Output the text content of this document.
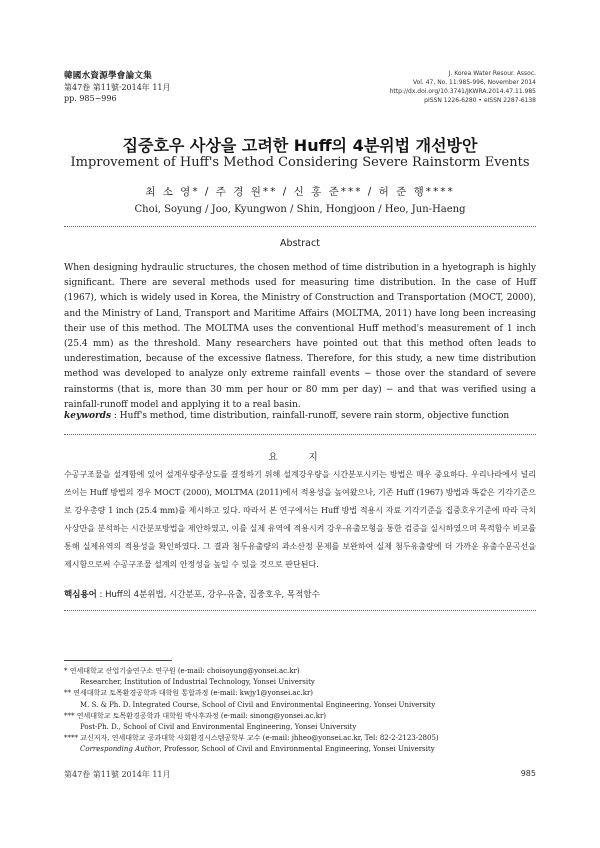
韓國水資源學會論文集
第47卷 第11號·2014年 11月
pp. 985~996
J. Korea Water Resour. Assoc.
Vol. 47, No. 11:985-996, November 2014
http://dx.doi.org/10.3741/JKWRA.2014.47.11.985
pISSN 1226-6280 • eISSN 2287-6138
집중호우 사상을 고려한 Huff의 4분위법 개선방안
Improvement of Huff's Method Considering Severe Rainstorm Events
최 소 영* / 주 경 원** / 신 홍 준*** / 허 준 행****
Choi, Soyung / Joo, Kyungwon / Shin, Hongjoon / Heo, Jun-Haeng
Abstract

When designing hydraulic structures, the chosen method of time distribution in a hyetograph is highly significant. There are several methods used for measuring time distribution. In the case of Huff (1967), which is widely used in Korea, the Ministry of Construction and Transportation (MOCT, 2000), and the Ministry of Land, Transport and Maritime Affairs (MOLTMA, 2011) have long been increasing their use of this method. The MOLTMA uses the conventional Huff method's measurement of 1 inch (25.4 mm) as the threshold. Many researchers have pointed out that this method often leads to underestimation, because of the excessive flatness. Therefore, for this study, a new time distribution method was developed to analyze only extreme rainfall events − those over the standard of severe rainstorms (that is, more than 30 mm per hour or 80 mm per day) − and that was verified using a rainfall-runoff model and applying it to a real basin.

keywords : Huff's method, time distribution, rainfall-runoff, severe rain storm, objective function
요 지

수공구조물을 설계함에 있어 설계우량주상도를 결정하기 위해 설계강우량을 시간분포시키는 방법은 매우 중요하다. 우리나라에서 널리 쓰이는 Huff 방법의 경우 MOCT (2000), MOLTMA (2011)에서 적용성을 높여왔으나, 기존 Huff (1967) 방법과 똑같은 기각기준으로 강우총량 1 inch (25.4 mm)를 제시하고 있다. 따라서 본 연구에서는 Huff 방법 적용시 자료 기각기준을 집중호우기준에 따라 극치사상만을 분석하는 시간분포방법을 제안하였고, 이를 실제 유역에 적용시켜 강우-유출모형을 통한 검증을 실시하였으며 목적함수 비교를 통해 실제유역의 적용성을 확인하였다. 그 결과 첨두유출량의 과소산정 문제를 보완하여 실제 첨두유출량에 더 가까운 유출수문곡선을 제시함으로써 수공구조물 설계의 안정성을 높일 수 있을 것으로 판단된다.

핵심용어 : Huff의 4분위법, 시간분포, 강우-유출, 집중호우, 목적함수
* 연세대학교 산업기술연구소 연구원 (e-mail: choisoyung@yonsei.ac.kr)
Researcher, Institution of Industrial Technology, Yonsei University
** 연세대학교 토목환경공학과 대학원 통합과정 (e-mail: kwjy1@yonsei.ac.kr)
M. S. & Ph. D. Integrated Course, School of Civil and Environmental Engineering, Yonsei University
*** 연세대학교 토목환경공학과 대학원 박사후과정 (e-mail: sinong@yonsei.ac.kr)
Post-Ph. D., School of Civil and Environmental Engineering, Yonsei University
**** 교신저자, 연세대학교 공과대학 사회환경시스템공학부 교수 (e-mail: jhheo@yonsei.ac.kr, Tel: 82-2-2123-2805)
Corresponding Author, Professor, School of Civil and Environmental Engineering, Yonsei University
第47卷 第11號 2014年 11月	985
